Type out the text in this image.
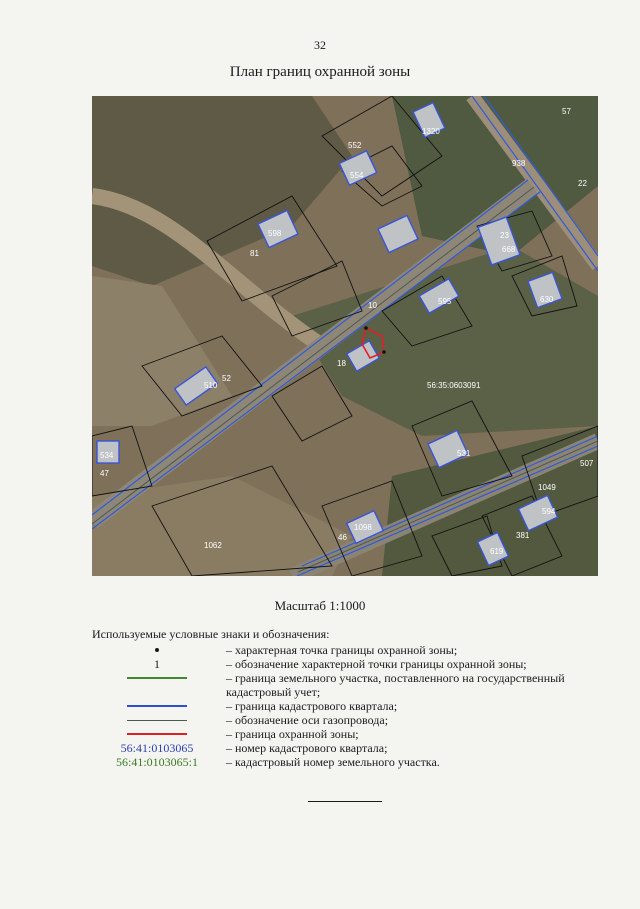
32
План границ охранной зоны
1320
57
938
22
552
554
598
81
23
668
595	630
10
18
510
52
534
47
531
507
1049
594
1098
46
1062
619
381
56:35:0603091
Масштаб 1:1000
Используемые условные знаки и обозначения:
– характерная точка границы охранной зоны;
1	– обозначение характерной точки границы охранной зоны;
– граница земельного участка, поставленного на государственный кадастровый учет;
– граница кадастрового квартала;
– обозначение оси газопровода;
– граница охранной зоны;
56:41:0103065	– номер кадастрового квартала;
56:41:0103065:1	– кадастровый номер земельного участка.
